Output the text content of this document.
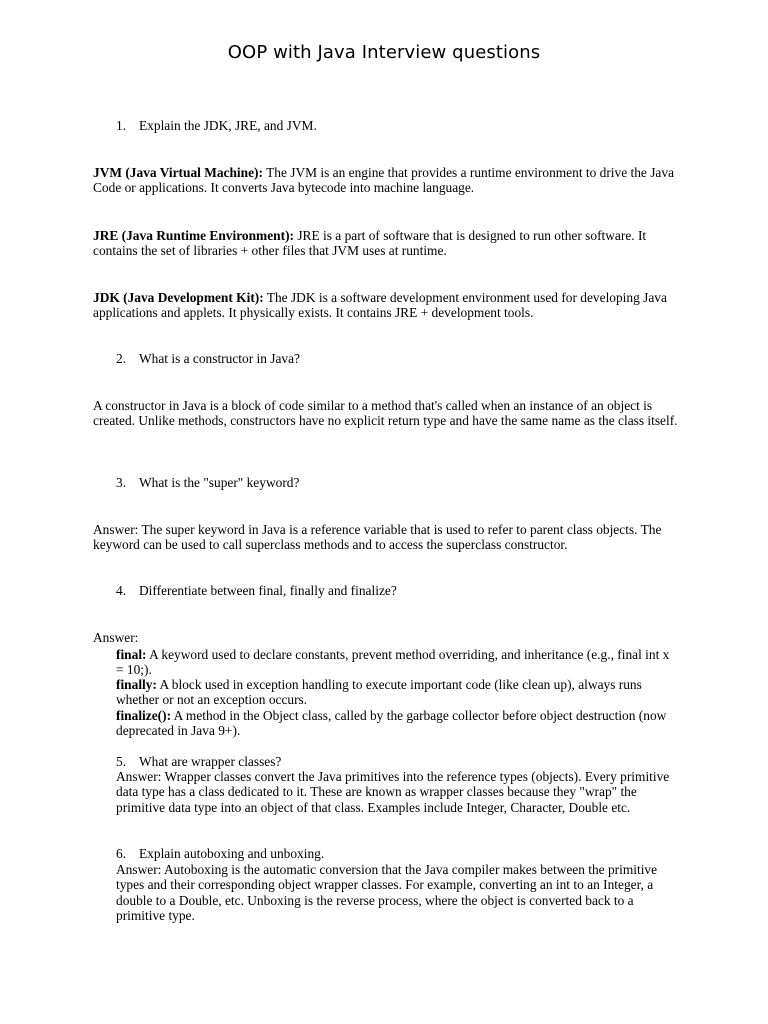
OOP with Java Interview questions
1. Explain the JDK, JRE, and JVM.
JVM (Java Virtual Machine): The JVM is an engine that provides a runtime environment to drive the Java Code or applications. It converts Java bytecode into machine language.
JRE (Java Runtime Environment): JRE is a part of software that is designed to run other software. It contains the set of libraries + other files that JVM uses at runtime.
JDK (Java Development Kit): The JDK is a software development environment used for developing Java applications and applets. It physically exists. It contains JRE + development tools.
2. What is a constructor in Java?
A constructor in Java is a block of code similar to a method that's called when an instance of an object is created. Unlike methods, constructors have no explicit return type and have the same name as the class itself.
3. What is the "super" keyword?
Answer: The super keyword in Java is a reference variable that is used to refer to parent class objects. The keyword can be used to call superclass methods and to access the superclass constructor.
4. Differentiate between final, finally and finalize?
Answer:
final: A keyword used to declare constants, prevent method overriding, and inheritance (e.g., final int x = 10;).
finally: A block used in exception handling to execute important code (like clean up), always runs whether or not an exception occurs.
finalize(): A method in the Object class, called by the garbage collector before object destruction (now deprecated in Java 9+).
5. What are wrapper classes?
Answer: Wrapper classes convert the Java primitives into the reference types (objects). Every primitive data type has a class dedicated to it. These are known as wrapper classes because they "wrap" the primitive data type into an object of that class. Examples include Integer, Character, Double etc.
6. Explain autoboxing and unboxing.
Answer: Autoboxing is the automatic conversion that the Java compiler makes between the primitive types and their corresponding object wrapper classes. For example, converting an int to an Integer, a double to a Double, etc. Unboxing is the reverse process, where the object is converted back to a primitive type.
